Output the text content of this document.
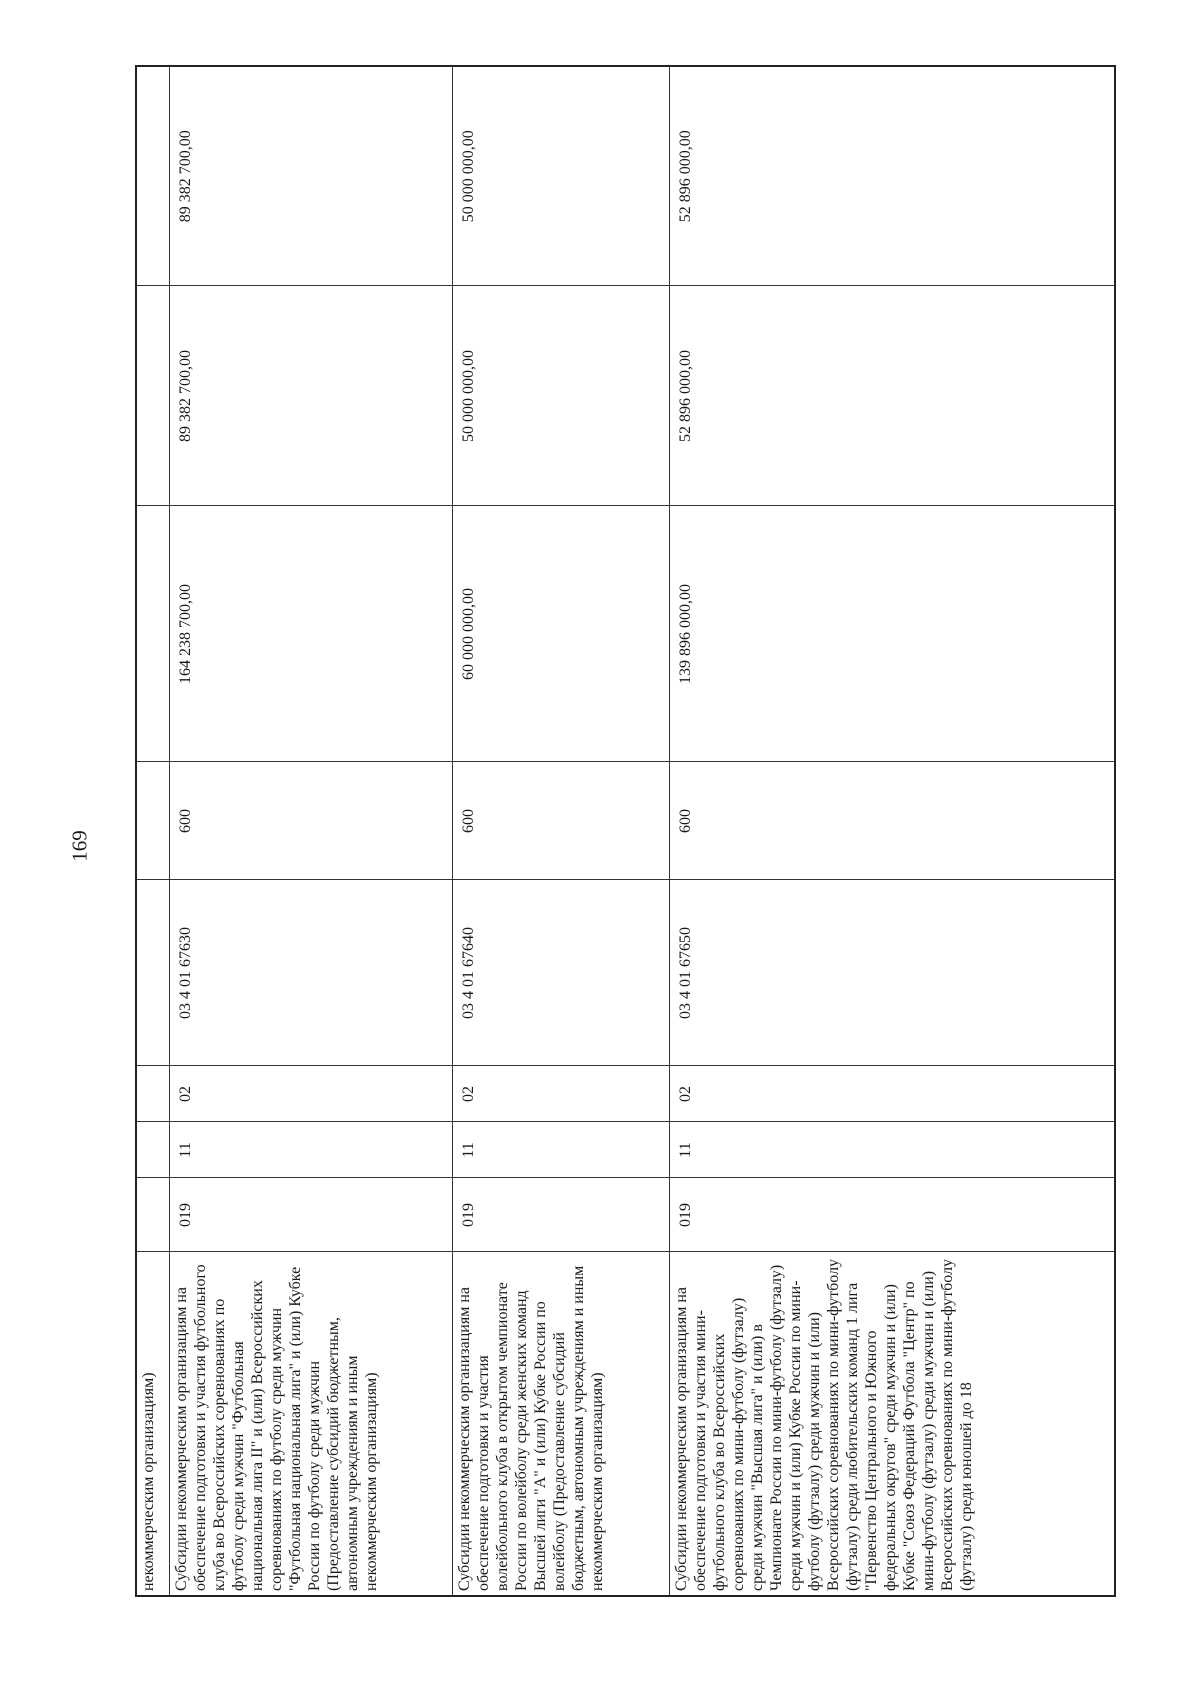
169
некоммерческим организациям)								
Субсидии некоммерческим организациям на обеспечение подготовки и участия футбольного клуба во Всероссийских соревнованиях по футболу среди мужчин "Футбольная национальная лига II" и (или) Всероссийских соревнованиях по футболу среди мужчин "Футбольная национальная лига" и (или) Кубке России по футболу среди мужчин (Предоставление субсидий бюджетным, автономным учреждениям и иным некоммерческим организациям)	019	11	02	03 4 01 67630	600	164 238 700,00	89 382 700,00	89 382 700,00
Субсидии некоммерческим организациям на обеспечение подготовки и участия волейбольного клуба в открытом чемпионате России по волейболу среди женских команд Высшей лиги "А" и (или) Кубке России по волейболу (Предоставление субсидий бюджетным, автономным учреждениям и иным некоммерческим организациям)	019	11	02	03 4 01 67640	600	60 000 000,00	50 000 000,00	50 000 000,00
Субсидии некоммерческим организациям на обеспечение подготовки и участия мини-футбольного клуба во Всероссийских соревнованиях по мини-футболу (футзалу) среди мужчин "Высшая лига" и (или) в Чемпионате России по мини-футболу (футзалу) среди мужчин и (или) Кубке России по мини-футболу (футзалу) среди мужчин и (или) Всероссийских соревнованиях по мини-футболу (футзалу) среди любительских команд 1 лига "Первенство Центрального и Южного федеральных округов" среди мужчин и (или) Кубке "Союз Федераций Футбола "Центр" по мини-футболу (футзалу) среди мужчин и (или) Всероссийских соревнованиях по мини-футболу (футзалу) среди юношей до 18	019	11	02	03 4 01 67650	600	139 896 000,00	52 896 000,00	52 896 000,00
